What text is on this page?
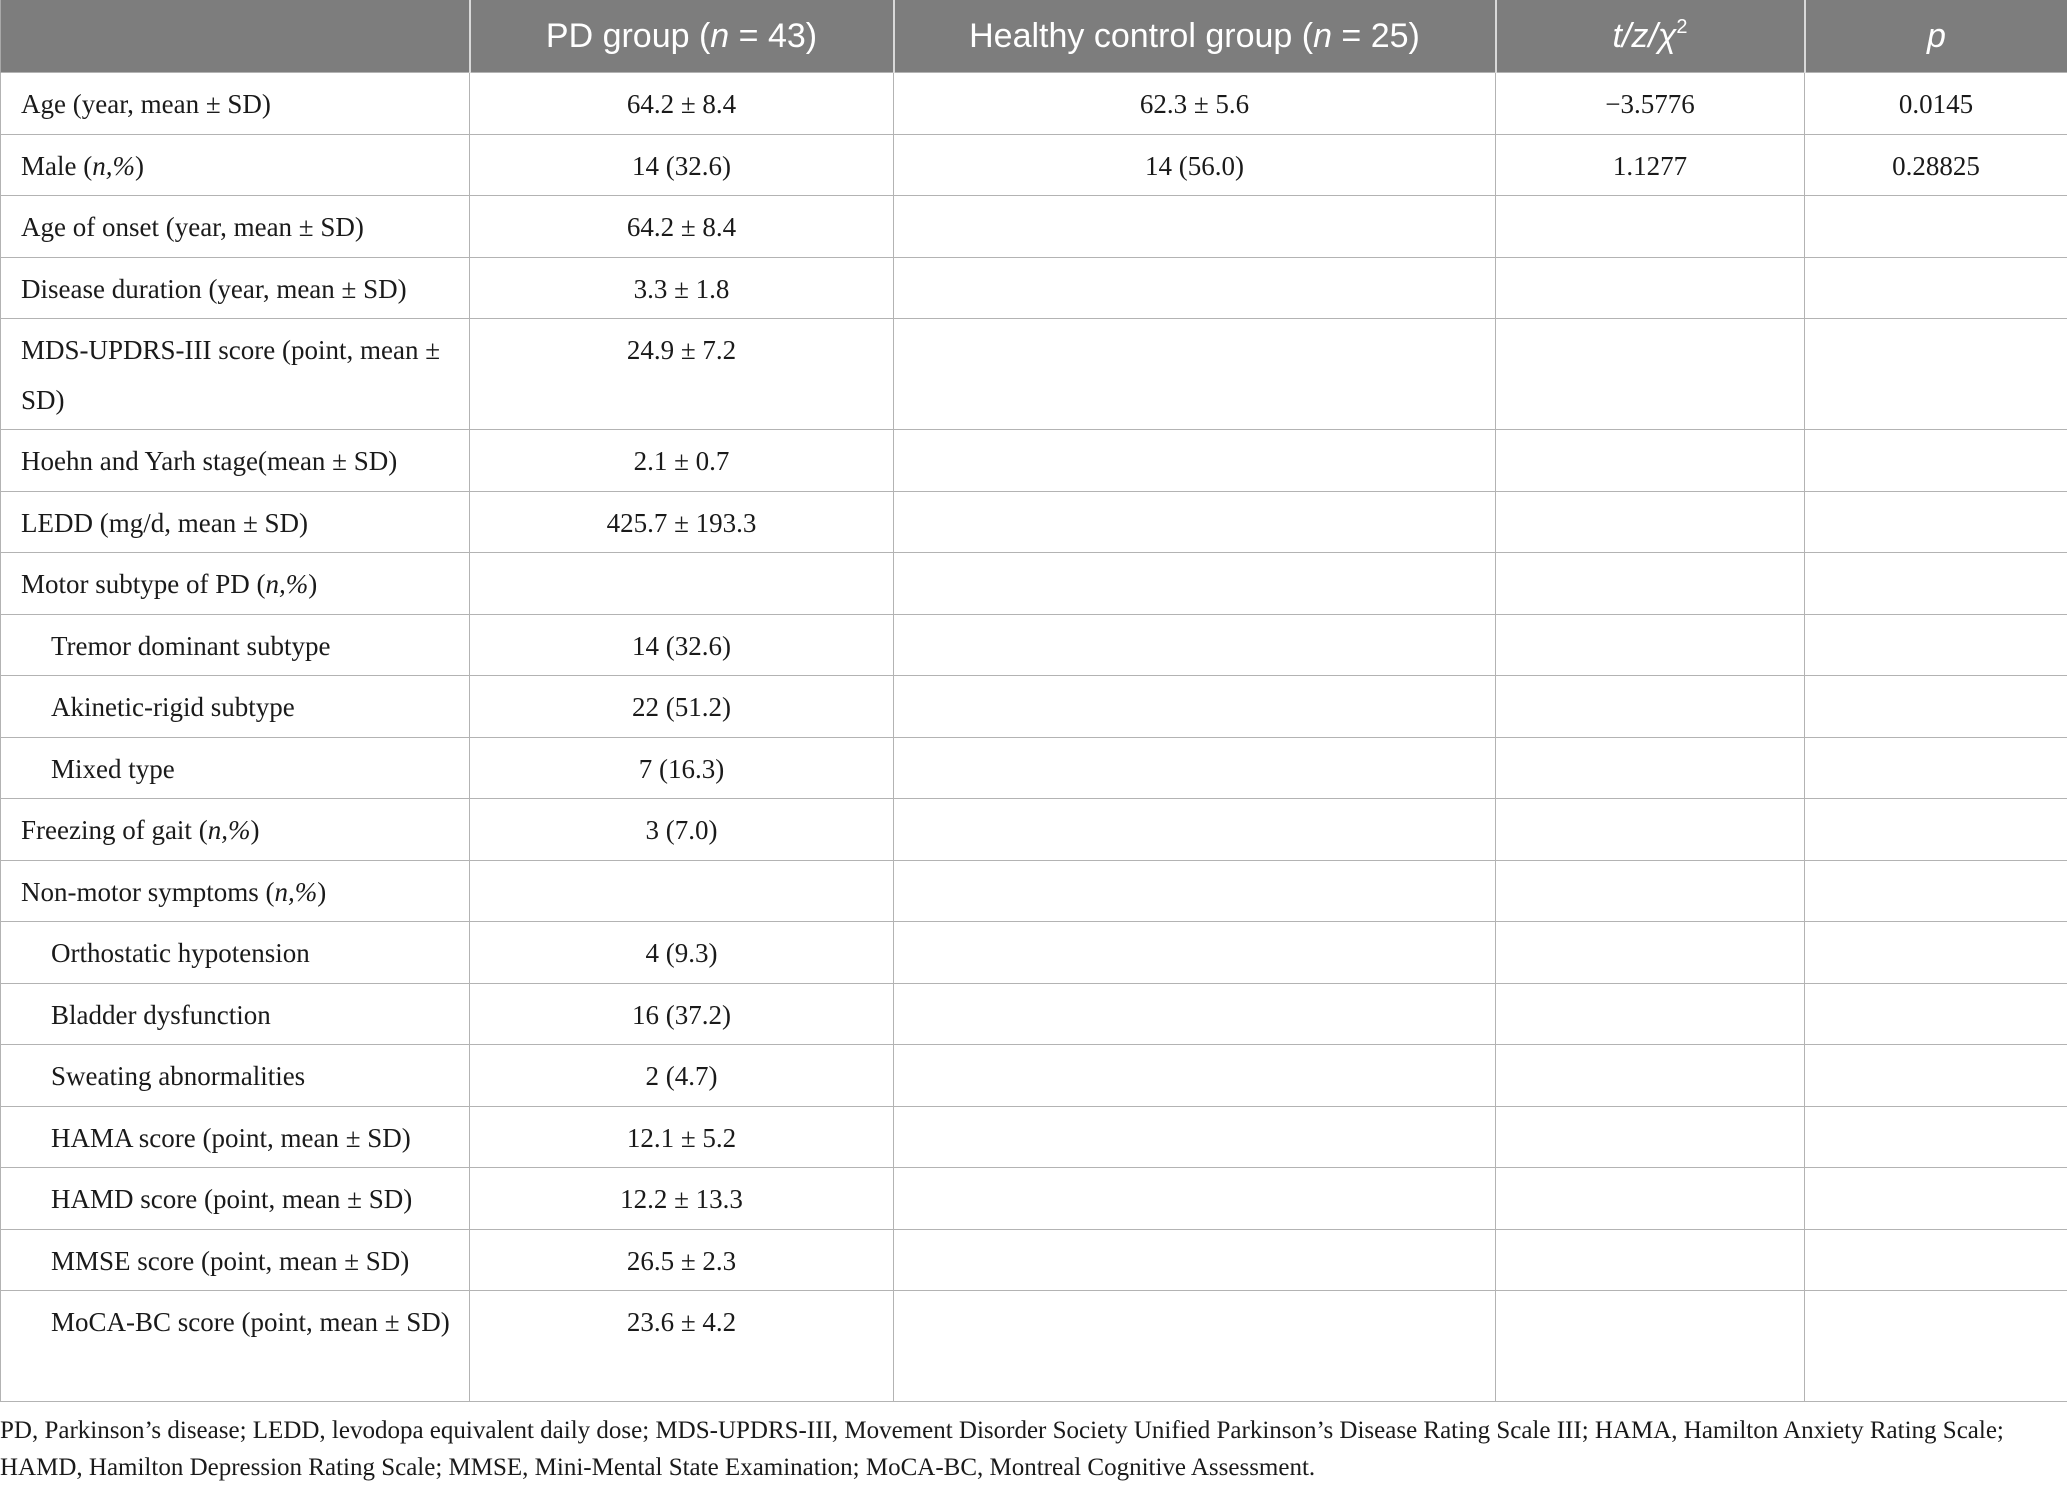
	PD group (n = 43)	Healthy control group (n = 25)	$t/z/\chi^2$	p
Age (year, mean ± SD)	64.2 ± 8.4	62.3 ± 5.6	−3.5776	0.0145
Male (n,%)	14 (32.6)	14 (56.0)	1.1277	0.28825
Age of onset (year, mean ± SD)	64.2 ± 8.4			
Disease duration (year, mean ± SD)	3.3 ± 1.8			
MDS-UPDRS-III score (point, mean ± SD)	24.9 ± 7.2			
Hoehn and Yarh stage(mean ± SD)	2.1 ± 0.7			
LEDD (mg/d, mean ± SD)	425.7 ± 193.3			
Motor subtype of PD (n,%)				
Tremor dominant subtype	14 (32.6)			
Akinetic-rigid subtype	22 (51.2)			
Mixed type	7 (16.3)			
Freezing of gait (n,%)	3 (7.0)			
Non-motor symptoms (n,%)				
Orthostatic hypotension	4 (9.3)			
Bladder dysfunction	16 (37.2)			
Sweating abnormalities	2 (4.7)			
HAMA score (point, mean ± SD)	12.1 ± 5.2			
HAMD score (point, mean ± SD)	12.2 ± 13.3			
MMSE score (point, mean ± SD)	26.5 ± 2.3			
MoCA-BC score (point, mean ± SD)	23.6 ± 4.2			

PD, Parkinson’s disease; LEDD, levodopa equivalent daily dose; MDS-UPDRS-III, Movement Disorder Society Unified Parkinson’s Disease Rating Scale III; HAMA, Hamilton Anxiety Rating Scale; HAMD, Hamilton Depression Rating Scale; MMSE, Mini-Mental State Examination; MoCA-BC, Montreal Cognitive Assessment.
